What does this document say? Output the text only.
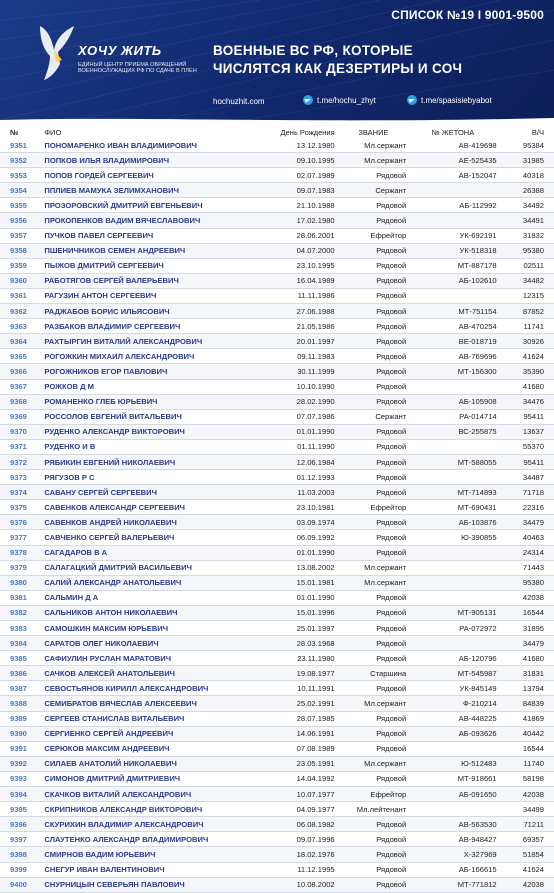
СПИСОК №19 I 9001-9500
ХОЧУ ЖИТЬ
ЕДИНЫЙ ЦЕНТР ПРИЕМА ОБРАЩЕНИЙ ВОЕННОСЛУЖАЩИХ РФ ПО СДАЧЕ В ПЛЕН
ВОЕННЫЕ ВС РФ, КОТОРЫЕ
ЧИСЛЯТСЯ КАК ДЕЗЕРТИРЫ И СОЧ
hochuzhit.com	t.me/hochu_zhyt	t.me/spasisiebyabot
№	ФИО	День Рождения	ЗВАНИЕ	№ ЖЕТОНА	В/Ч
9351	ПОНОМАРЕНКО ИВАН ВЛАДИМИРОВИЧ	13.12.1980	Мл.сержант	АВ-419698	95384
9352	ПОПКОВ ИЛЬЯ ВЛАДИМИРОВИЧ	09.10.1995	Мл.сержант	АЕ-525435	31985
9353	ПОПОВ ГОРДЕЙ СЕРГЕЕВИЧ	02.07.1989	Рядовой	АВ-152047	40318
9354	ППЛИЕВ МАМУКА ЗЕЛИМХАНОВИЧ	09.07.1983	Сержант		26388
9355	ПРОЗОРОВСКИЙ ДМИТРИЙ ЕВГЕНЬЕВИЧ	21.10.1988	Рядовой	АБ-112992	34492
9356	ПРОКОПЕНКОВ ВАДИМ ВЯЧЕСЛАВОВИЧ	17.02.1980	Рядовой		34491
9357	ПУЧКОВ ПАВЕЛ СЕРГЕЕВИЧ	28.06.2001	Ефрейтор	УК-692191	31832
9358	ПШЕНИЧНИКОВ СЕМЕН АНДРЕЕВИЧ	04.07.2000	Рядовой	УК-518318	95380
9359	ПЫЖОВ ДМИТРИЙ СЕРГЕЕВИЧ	23.10.1995	Рядовой	МТ-887178	02511
9360	РАБОТЯГОВ СЕРГЕЙ ВАЛЕРЬЕВИЧ	16.04.1989	Рядовой	АБ-102610	34482
9361	РАГУЗИН АНТОН СЕРГЕЕВИЧ	11.11.1986	Рядовой		12315
9362	РАДЖАБОВ БОРИС ИЛЬЯСОВИЧ	27.06.1988	Рядовой	МТ-751154	87852
9363	РАЗБАКОВ ВЛАДИМИР СЕРГЕЕВИЧ	21.05.1986	Рядовой	АВ-470254	11741
9364	РАХТЫРГИН ВИТАЛИЙ АЛЕКСАНДРОВИЧ	20.01.1997	Рядовой	ВЕ-018719	30926
9365	РОГОЖКИН МИХАИЛ АЛЕКСАНДРОВИЧ	09.11.1983	Рядовой	АВ-769696	41624
9366	РОГОЖНИКОВ ЕГОР ПАВЛОВИЧ	30.11.1999	Рядовой	МТ-156300	35390
9367	РОЖКОВ Д М	10.10.1990	Рядовой		41680
9368	РОМАНЕНКО ГЛЕБ ЮРЬЕВИЧ	28.02.1990	Рядовой	АБ-105908	34476
9369	РОССОЛОВ ЕВГЕНИЙ ВИТАЛЬЕВИЧ	07.07.1986	Сержант	РА-014714	95411
9370	РУДЕНКО АЛЕКСАНДР ВИКТОРОВИЧ	01.01.1990	Рядовой	ВС-255875	13637
9371	РУДЕНКО И В	01.11.1990	Рядовой		55370
9372	РЯБИКИН ЕВГЕНИЙ НИКОЛАЕВИЧ	12.06.1984	Рядовой	МТ-588055	95411
9373	РЯГУЗОВ Р С	01.12.1993	Рядовой		34487
9374	САВАНУ СЕРГЕЙ СЕРГЕЕВИЧ	11.03.2003	Рядовой	МТ-714893	71718
9375	САВЕНКОВ АЛЕКСАНДР СЕРГЕЕВИЧ	23.10.1981	Ефрейтор	МТ-690431	22316
9376	САВЕНКОВ АНДРЕЙ НИКОЛАЕВИЧ	03.09.1974	Рядовой	АБ-103876	34479
9377	САВЧЕНКО СЕРГЕЙ ВАЛЕРЬЕВИЧ	06.09.1992	Рядовой	Ю-390855	40463
9378	САГАДАРОВ В А	01.01.1990	Рядовой		24314
9379	САЛАГАЦКИЙ ДМИТРИЙ ВАСИЛЬЕВИЧ	13.08.2002	Мл.сержант		71443
9380	САЛИЙ АЛЕКСАНДР АНАТОЛЬЕВИЧ	15.01.1981	Мл.сержант		95380
9381	САЛЬМИН Д А	01.01.1990	Рядовой		42038
9382	САЛЬНИКОВ АНТОН НИКОЛАЕВИЧ	15.01.1996	Рядовой	МТ-905131	16544
9383	САМОШКИН МАКСИМ ЮРЬЕВИЧ	25.01.1997	Рядовой	РА-072972	31895
9384	САРАТОВ ОЛЕГ НИКОЛАЕВИЧ	28.03.1968	Рядовой		34479
9385	САФИУЛИН РУСЛАН МАРАТОВИЧ	23.11.1980	Рядовой	АБ-120796	41680
9386	САЧКОВ АЛЕКСЕЙ АНАТОЛЬЕВИЧ	19.08.1977	Старшина	МТ-545987	31831
9387	СЕВОСТЬЯНОВ КИРИЛЛ АЛЕКСАНДРОВИЧ	10.11.1991	Рядовой	УК-845149	13794
9388	СЕМИБРАТОВ ВЯЧЕСЛАВ АЛЕКСЕЕВИЧ	25.02.1991	Мл.сержант	Ф-210214	84839
9389	СЕРГЕЕВ СТАНИСЛАВ ВИТАЛЬЕВИЧ	28.07.1985	Рядовой	АВ-448225	41869
9390	СЕРГИЕНКО СЕРГЕЙ АНДРЕЕВИЧ	14.06.1991	Рядовой	АБ-093626	40442
9391	СЕРЮКОВ МАКСИМ АНДРЕЕВИЧ	07.08.1989	Рядовой		16544
9392	СИЛАЕВ АНАТОЛИЙ НИКОЛАЕВИЧ	23.05.1991	Мл.сержант	Ю-512483	11740
9393	СИМОНОВ ДМИТРИЙ ДМИТРИЕВИЧ	14.04.1992	Рядовой	МТ-918661	58198
9394	СКАЧКОВ ВИТАЛИЙ АЛЕКСАНДРОВИЧ	10.07.1977	Ефрейтор	АБ-091650	42038
9395	СКРИПНИКОВ АЛЕКСАНДР ВИКТОРОВИЧ	04.09.1977	Мл.лейтенант		34499
9396	СКУРИХИН ВЛАДИМИР АЛЕКСАНДРОВИЧ	06.08.1982	Рядовой	АВ-563530	71211
9397	СЛАУТЕНКО АЛЕКСАНДР ВЛАДИМИРОВИЧ	09.07.1996	Рядовой	АВ-948427	69357
9398	СМИРНОВ ВАДИМ ЮРЬЕВИЧ	18.02.1976	Рядовой	Х-327969	51854
9399	СНЕГУР ИВАН ВАЛЕНТИНОВИЧ	11.12.1995	Рядовой	АБ-166615	41624
9400	СНУРНИЦЫН СЕВЕРЬЯН ПАВЛОВИЧ	10.08.2002	Рядовой	МТ-771812	42038
